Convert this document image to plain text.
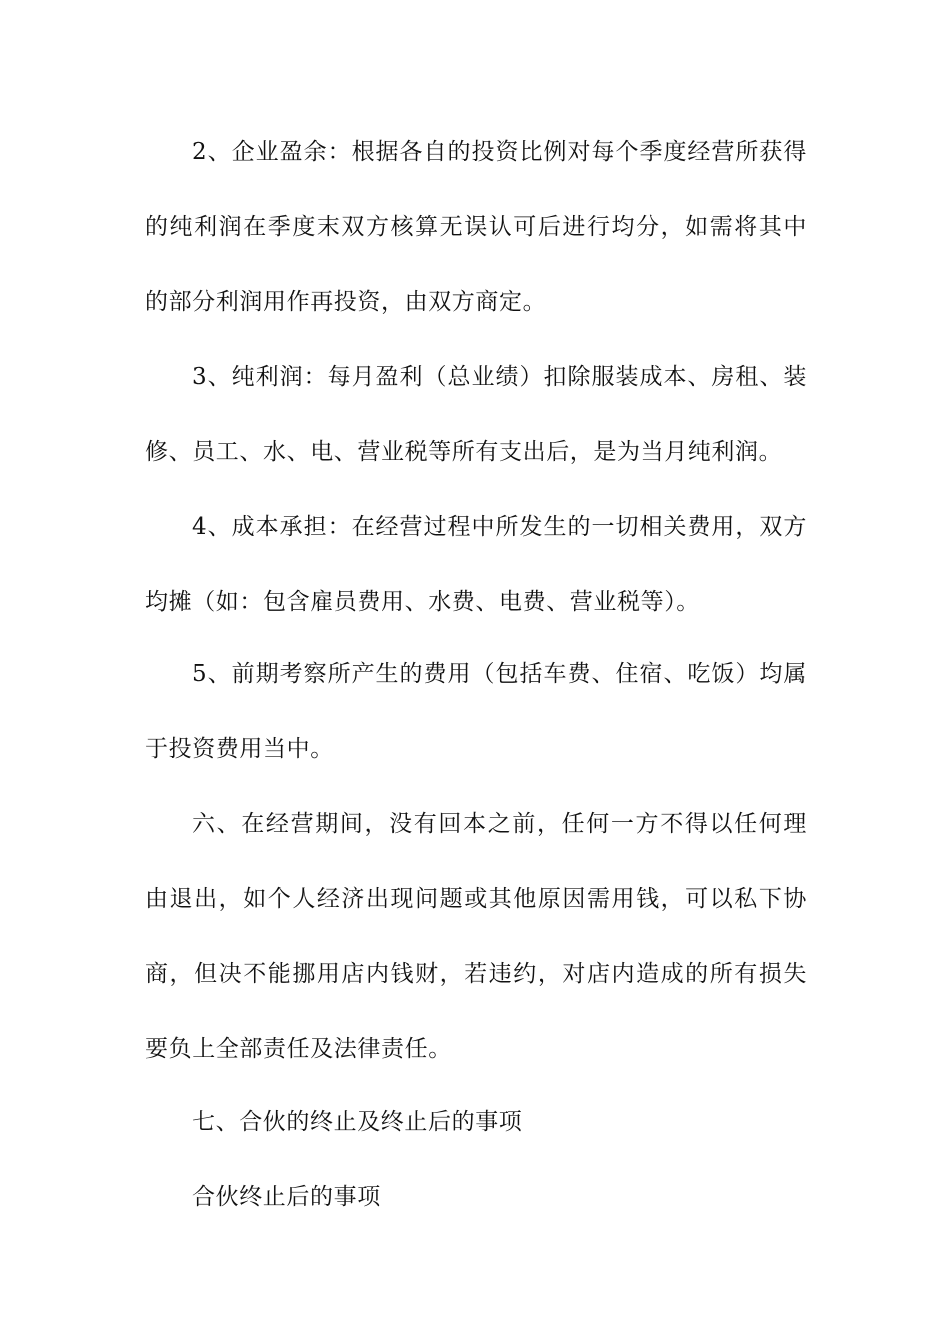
2、企业盈余：根据各自的投资比例对每个季度经营所获得
的纯利润在季度末双方核算无误认可后进行均分，如需将其中
的部分利润用作再投资，由双方商定。
3、纯利润：每月盈利（总业绩）扣除服装成本、房租、装
修、员工、水、电、营业税等所有支出后，是为当月纯利润。
4、成本承担：在经营过程中所发生的一切相关费用，双方
均摊（如：包含雇员费用、水费、电费、营业税等）。
5、前期考察所产生的费用（包括车费、住宿、吃饭）均属
于投资费用当中。
六、在经营期间，没有回本之前，任何一方不得以任何理
由退出，如个人经济出现问题或其他原因需用钱，可以私下协
商，但决不能挪用店内钱财，若违约，对店内造成的所有损失
要负上全部责任及法律责任。
七、合伙的终止及终止后的事项
合伙终止后的事项
